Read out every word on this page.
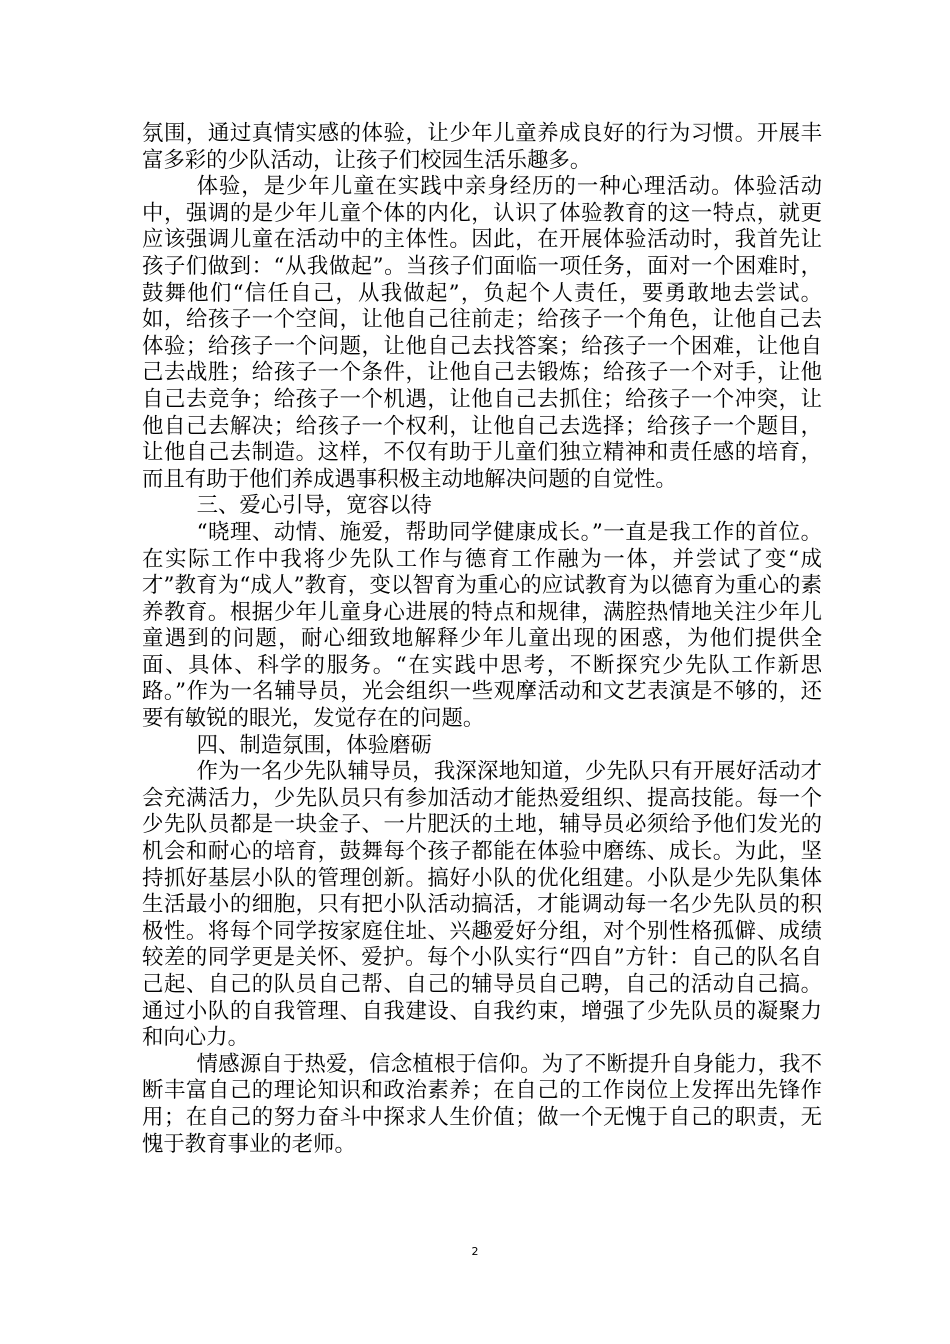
氛围，通过真情实感的体验，让少年儿童养成良好的行为习惯。开展丰富多彩的少队活动，让孩子们校园生活乐趣多。

体验，是少年儿童在实践中亲身经历的一种心理活动。体验活动中，强调的是少年儿童个体的内化，认识了体验教育的这一特点，就更应该强调儿童在活动中的主体性。因此，在开展体验活动时，我首先让孩子们做到：“从我做起”。当孩子们面临一项任务，面对一个困难时，鼓舞他们“信任自己，从我做起”，负起个人责任，要勇敢地去尝试。如，给孩子一个空间，让他自己往前走；给孩子一个角色，让他自己去体验；给孩子一个问题，让他自己去找答案；给孩子一个困难，让他自己去战胜；给孩子一个条件，让他自己去锻炼；给孩子一个对手，让他自己去竞争；给孩子一个机遇，让他自己去抓住；给孩子一个冲突，让他自己去解决；给孩子一个权利，让他自己去选择；给孩子一个题目，让他自己去制造。这样，不仅有助于儿童们独立精神和责任感的培育，而且有助于他们养成遇事积极主动地解决问题的自觉性。

三、爱心引导，宽容以待

“晓理、动情、施爱，帮助同学健康成长。”一直是我工作的首位。在实际工作中我将少先队工作与德育工作融为一体，并尝试了变“成才”教育为“成人”教育，变以智育为重心的应试教育为以德育为重心的素养教育。根据少年儿童身心进展的特点和规律，满腔热情地关注少年儿童遇到的问题，耐心细致地解释少年儿童出现的困惑，为他们提供全面、具体、科学的服务。“在实践中思考，不断探究少先队工作新思路。”作为一名辅导员，光会组织一些观摩活动和文艺表演是不够的，还要有敏锐的眼光，发觉存在的问题。

四、制造氛围，体验磨砺

作为一名少先队辅导员，我深深地知道，少先队只有开展好活动才会充满活力，少先队员只有参加活动才能热爱组织、提高技能。每一个少先队员都是一块金子、一片肥沃的土地，辅导员必须给予他们发光的机会和耐心的培育，鼓舞每个孩子都能在体验中磨练、成长。为此，坚持抓好基层小队的管理创新。搞好小队的优化组建。小队是少先队集体生活最小的细胞，只有把小队活动搞活，才能调动每一名少先队员的积极性。将每个同学按家庭住址、兴趣爱好分组，对个别性格孤僻、成绩较差的同学更是关怀、爱护。每个小队实行“四自”方针：自己的队名自己起、自己的队员自己帮、自己的辅导员自己聘，自己的活动自己搞。通过小队的自我管理、自我建设、自我约束，增强了少先队员的凝聚力和向心力。

情感源自于热爱，信念植根于信仰。为了不断提升自身能力，我不断丰富自己的理论知识和政治素养；在自己的工作岗位上发挥出先锋作用；在自己的努力奋斗中探求人生价值；做一个无愧于自己的职责，无愧于教育事业的老师。

2
